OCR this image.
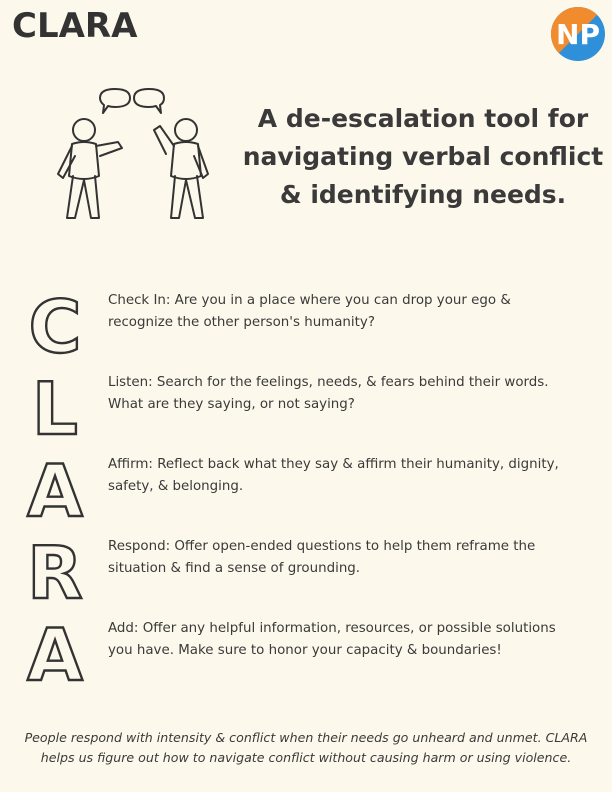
CLARA	NP
A de-escalation tool for
navigating verbal conflict
& identifying needs.
C Check In: Are you in a place where you can drop your ego & recognize the other person's humanity?
L Listen: Search for the feelings, needs, & fears behind their words. What are they saying, or not saying?
A Affirm: Reflect back what they say & affirm their humanity, dignity, safety, & belonging.
R Respond: Offer open-ended questions to help them reframe the situation & find a sense of grounding.
A Add: Offer any helpful information, resources, or possible solutions you have. Make sure to honor your capacity & boundaries!
People respond with intensity & conflict when their needs go unheard and unmet. CLARA helps us figure out how to navigate conflict without causing harm or using violence.
